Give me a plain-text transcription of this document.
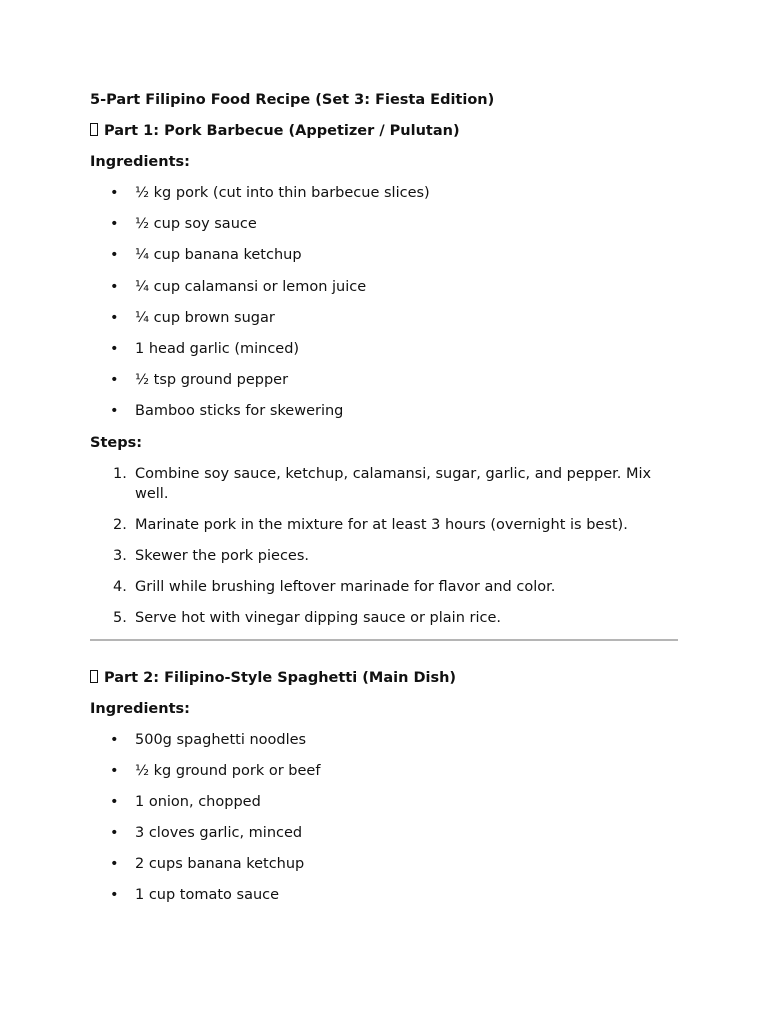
5-Part Filipino Food Recipe (Set 3: Fiesta Edition)

Part 1: Pork Barbecue (Appetizer / Pulutan)

Ingredients:

• ½ kg pork (cut into thin barbecue slices)
• ½ cup soy sauce
• ¼ cup banana ketchup
• ¼ cup calamansi or lemon juice
• ¼ cup brown sugar
• 1 head garlic (minced)
• ½ tsp ground pepper
• Bamboo sticks for skewering

Steps:

1. Combine soy sauce, ketchup, calamansi, sugar, garlic, and pepper. Mix well.
2. Marinate pork in the mixture for at least 3 hours (overnight is best).
3. Skewer the pork pieces.
4. Grill while brushing leftover marinade for flavor and color.
5. Serve hot with vinegar dipping sauce or plain rice.

Part 2: Filipino-Style Spaghetti (Main Dish)

Ingredients:

• 500g spaghetti noodles
• ½ kg ground pork or beef
• 1 onion, chopped
• 3 cloves garlic, minced
• 2 cups banana ketchup
• 1 cup tomato sauce
